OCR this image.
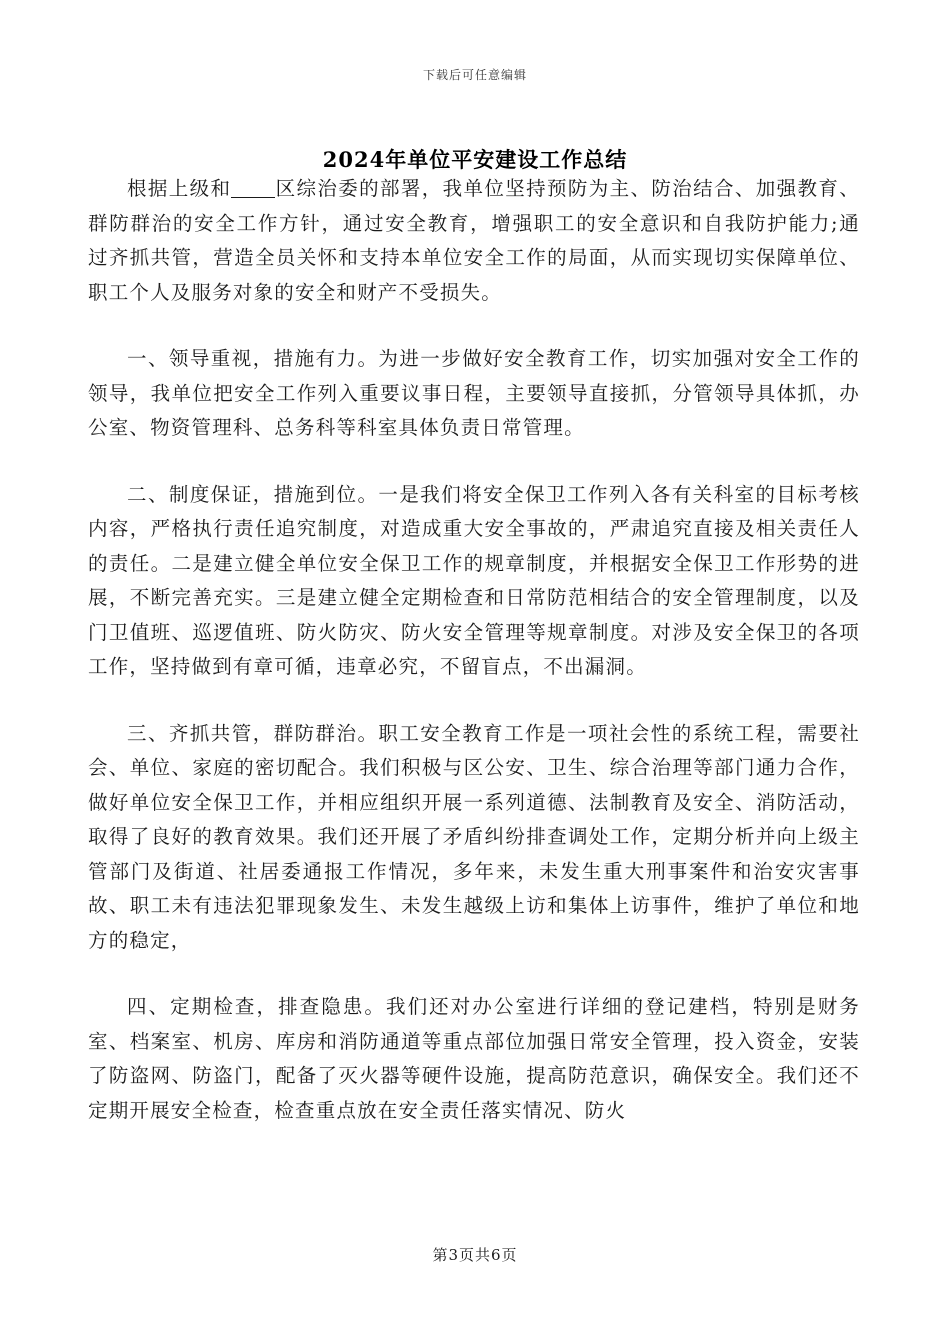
下载后可任意编辑
2024年单位平安建设工作总结

根据上级和 区综治委的部署，我单位坚持预防为主、防治结合、加强教育、群防群治的安全工作方针，通过安全教育，增强职工的安全意识和自我防护能力;通过齐抓共管，营造全员关怀和支持本单位安全工作的局面，从而实现切实保障单位、职工个人及服务对象的安全和财产不受损失。

一、领导重视，措施有力。为进一步做好安全教育工作，切实加强对安全工作的领导，我单位把安全工作列入重要议事日程，主要领导直接抓，分管领导具体抓，办公室、物资管理科、总务科等科室具体负责日常管理。

二、制度保证，措施到位。一是我们将安全保卫工作列入各有关科室的目标考核内容，严格执行责任追究制度，对造成重大安全事故的，严肃追究直接及相关责任人的责任。二是建立健全单位安全保卫工作的规章制度，并根据安全保卫工作形势的进展，不断完善充实。三是建立健全定期检查和日常防范相结合的安全管理制度，以及门卫值班、巡逻值班、防火防灾、防火安全管理等规章制度。对涉及安全保卫的各项工作，坚持做到有章可循，违章必究，不留盲点，不出漏洞。

三、齐抓共管，群防群治。职工安全教育工作是一项社会性的系统工程，需要社会、单位、家庭的密切配合。我们积极与区公安、卫生、综合治理等部门通力合作，做好单位安全保卫工作，并相应组织开展一系列道德、法制教育及安全、消防活动，取得了良好的教育效果。我们还开展了矛盾纠纷排查调处工作，定期分析并向上级主管部门及街道、社居委通报工作情况，多年来，未发生重大刑事案件和治安灾害事故、职工未有违法犯罪现象发生、未发生越级上访和集体上访事件，维护了单位和地方的稳定，

四、定期检查，排查隐患。我们还对办公室进行详细的登记建档，特别是财务室、档案室、机房、库房和消防通道等重点部位加强日常安全管理，投入资金，安装了防盗网、防盗门，配备了灭火器等硬件设施，提高防范意识，确保安全。我们还不定期开展安全检查，检查重点放在安全责任落实情况、防火

第3页共6页
